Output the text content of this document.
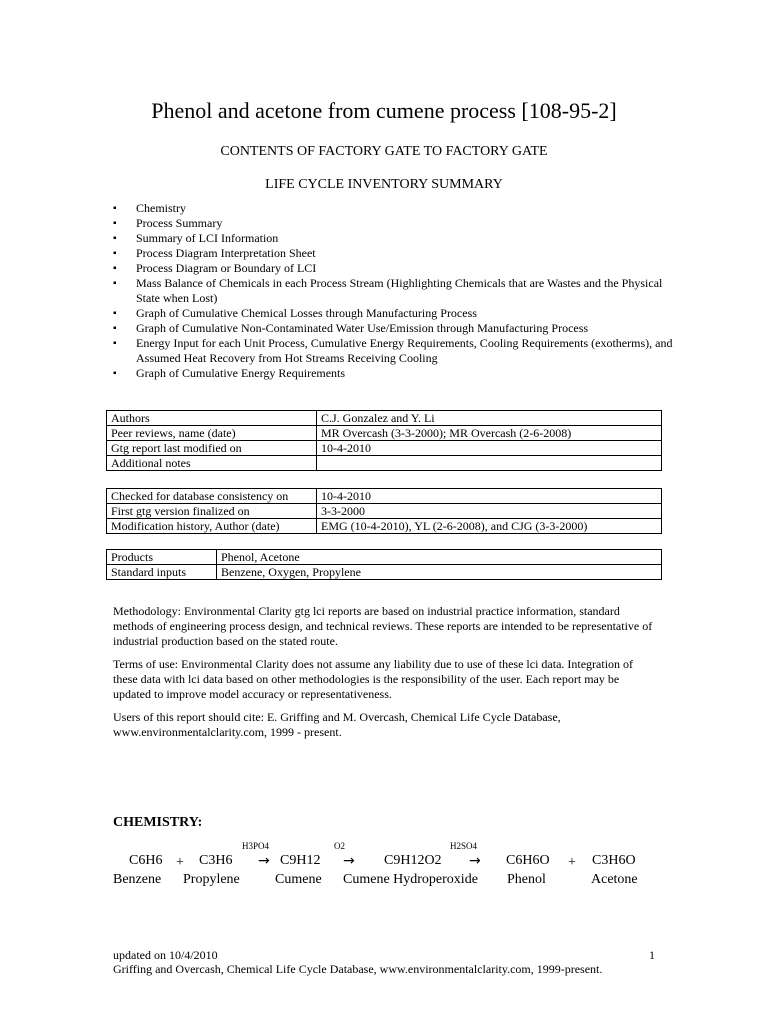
Phenol and acetone from cumene process [108-95-2]
CONTENTS OF FACTORY GATE TO FACTORY GATE
LIFE CYCLE INVENTORY SUMMARY
▪ Chemistry
▪ Process Summary
▪ Summary of LCI Information
▪ Process Diagram Interpretation Sheet
▪ Process Diagram or Boundary of LCI
▪ Mass Balance of Chemicals in each Process Stream (Highlighting Chemicals that are Wastes and the Physical State when Lost)
▪ Graph of Cumulative Chemical Losses through Manufacturing Process
▪ Graph of Cumulative Non-Contaminated Water Use/Emission through Manufacturing Process
▪ Energy Input for each Unit Process, Cumulative Energy Requirements, Cooling Requirements (exotherms), and Assumed Heat Recovery from Hot Streams Receiving Cooling
▪ Graph of Cumulative Energy Requirements
Authors	C.J. Gonzalez and Y. Li
Peer reviews, name (date)	MR Overcash (3-3-2000); MR Overcash (2-6-2008)
Gtg report last modified on	10-4-2010
Additional notes	
Checked for database consistency on	10-4-2010
First gtg version finalized on	3-3-2000
Modification history, Author (date)	EMG (10-4-2010), YL (2-6-2008), and CJG (3-3-2000)
Products	Phenol, Acetone
Standard inputs	Benzene, Oxygen, Propylene

Methodology: Environmental Clarity gtg lci reports are based on industrial practice information, standard methods of engineering process design, and technical reviews. These reports are intended to be representative of industrial production based on the stated route.

Terms of use: Environmental Clarity does not assume any liability due to use of these lci data. Integration of these data with lci data based on other methodologies is the responsibility of the user. Each report may be updated to improve model accuracy or representativeness.

Users of this report should cite: E. Griffing and M. Overcash, Chemical Life Cycle Database, www.environmentalclarity.com, 1999 - present.

CHEMISTRY:
H3PO4	O2	H2SO4
C6H6 + C3H6 → C9H12 → C9H12O2 → C6H6O + C3H6O
Benzene Propylene	Cumene Cumene Hydroperoxide Phenol	Acetone
updated on 10/4/2010	1
Griffing and Overcash, Chemical Life Cycle Database, www.environmentalclarity.com, 1999-present.
